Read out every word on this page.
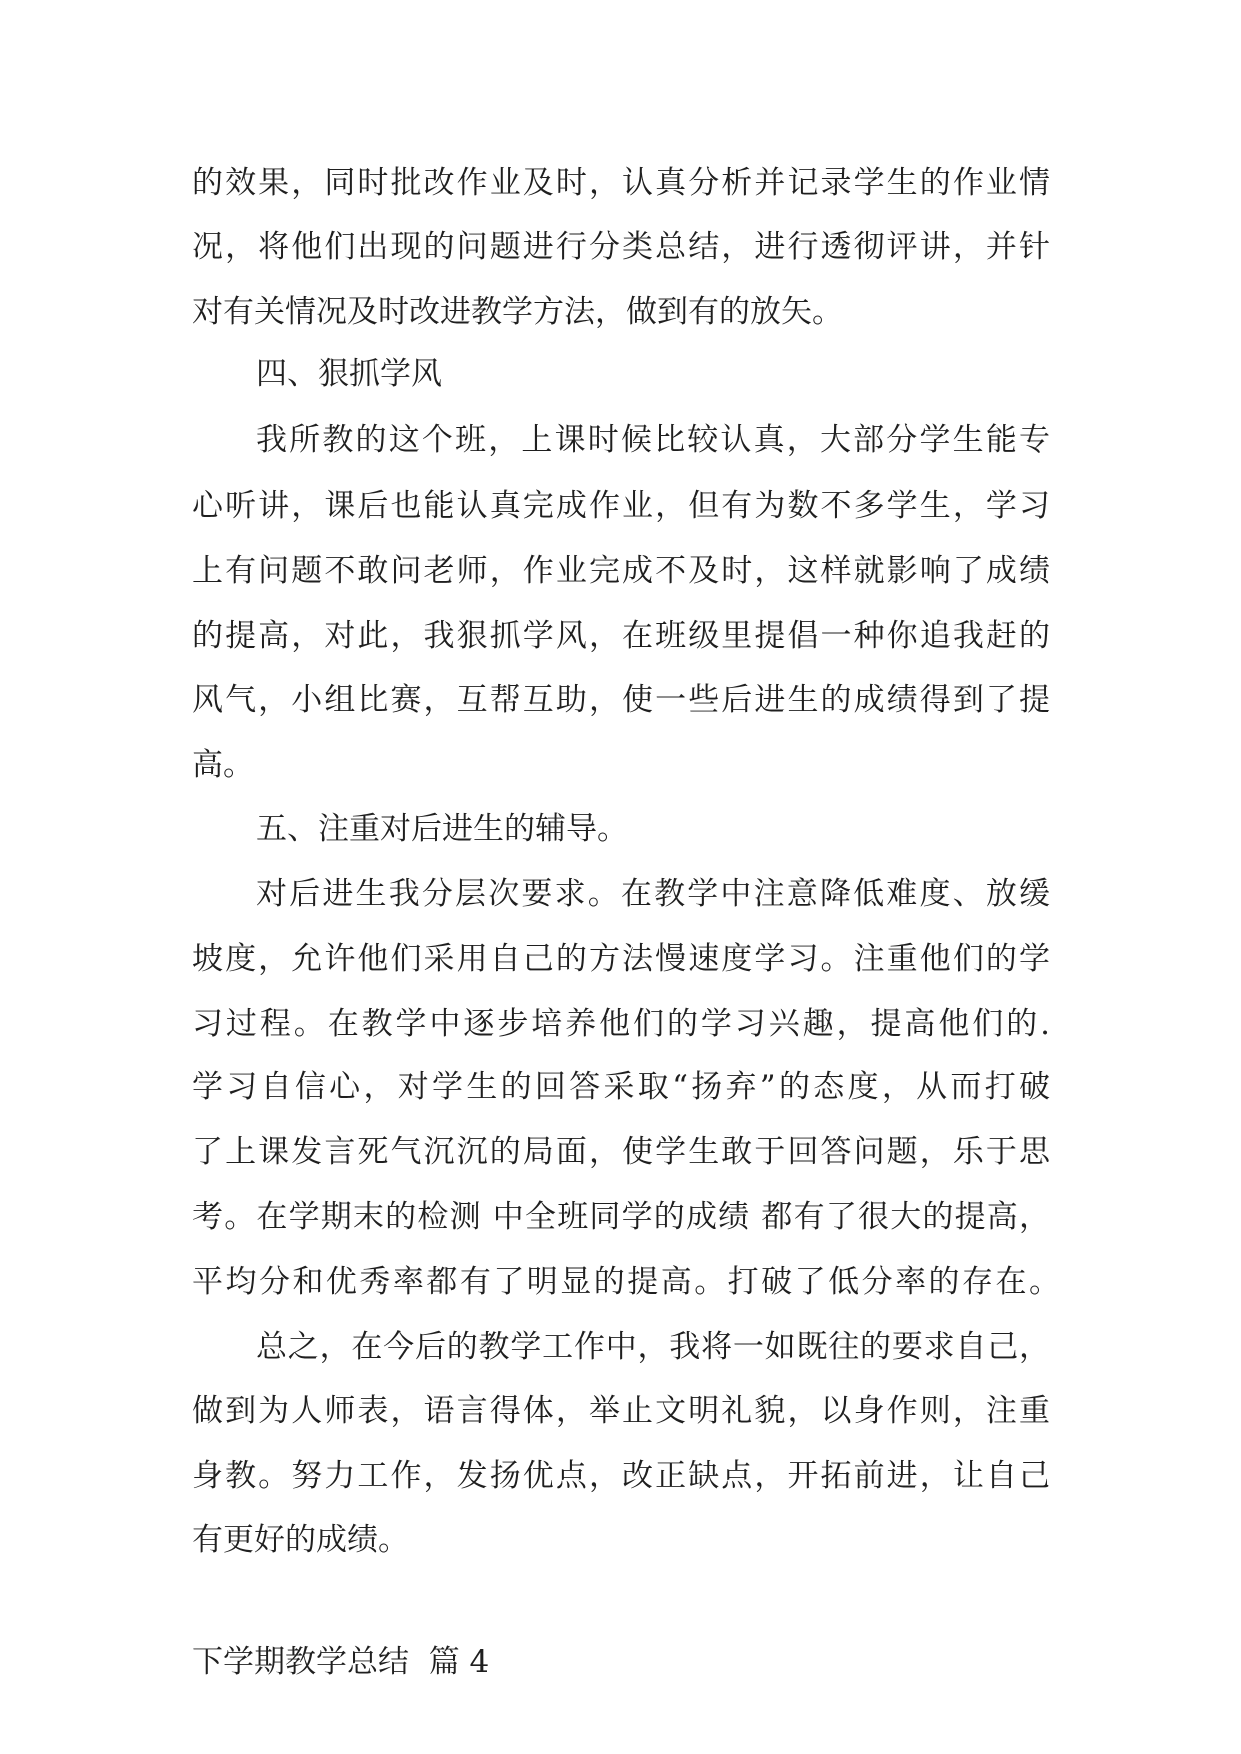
的效果，同时批改作业及时，认真分析并记录学生的作业情
况，将他们出现的问题进行分类总结，进行透彻评讲，并针
对有关情况及时改进教学方法，做到有的放矢。
四、狠抓学风
我所教的这个班，上课时候比较认真，大部分学生能专
心听讲，课后也能认真完成作业，但有为数不多学生，学习
上有问题不敢问老师，作业完成不及时，这样就影响了成绩
的提高，对此，我狠抓学风，在班级里提倡一种你追我赶的
风气，小组比赛，互帮互助，使一些后进生的成绩得到了提
高。
五、注重对后进生的辅导。
对后进生我分层次要求。在教学中注意降低难度、放缓
坡度，允许他们采用自己的方法慢速度学习。注重他们的学
习过程。在教学中逐步培养他们的学习兴趣，提高他们的.
学习自信心，对学生的回答采取“扬弃”的态度，从而打破
了上课发言死气沉沉的局面，使学生敢于回答问题，乐于思
考。在学期末的检测 中全班同学的成绩 都有了很大的提高，
平均分和优秀率都有了明显的提高。打破了低分率的存在。
总之，在今后的教学工作中，我将一如既往的要求自己，
做到为人师表，语言得体，举止文明礼貌，以身作则，注重
身教。努力工作，发扬优点，改正缺点，开拓前进，让自己
有更好的成绩。
下学期教学总结  篇 4
